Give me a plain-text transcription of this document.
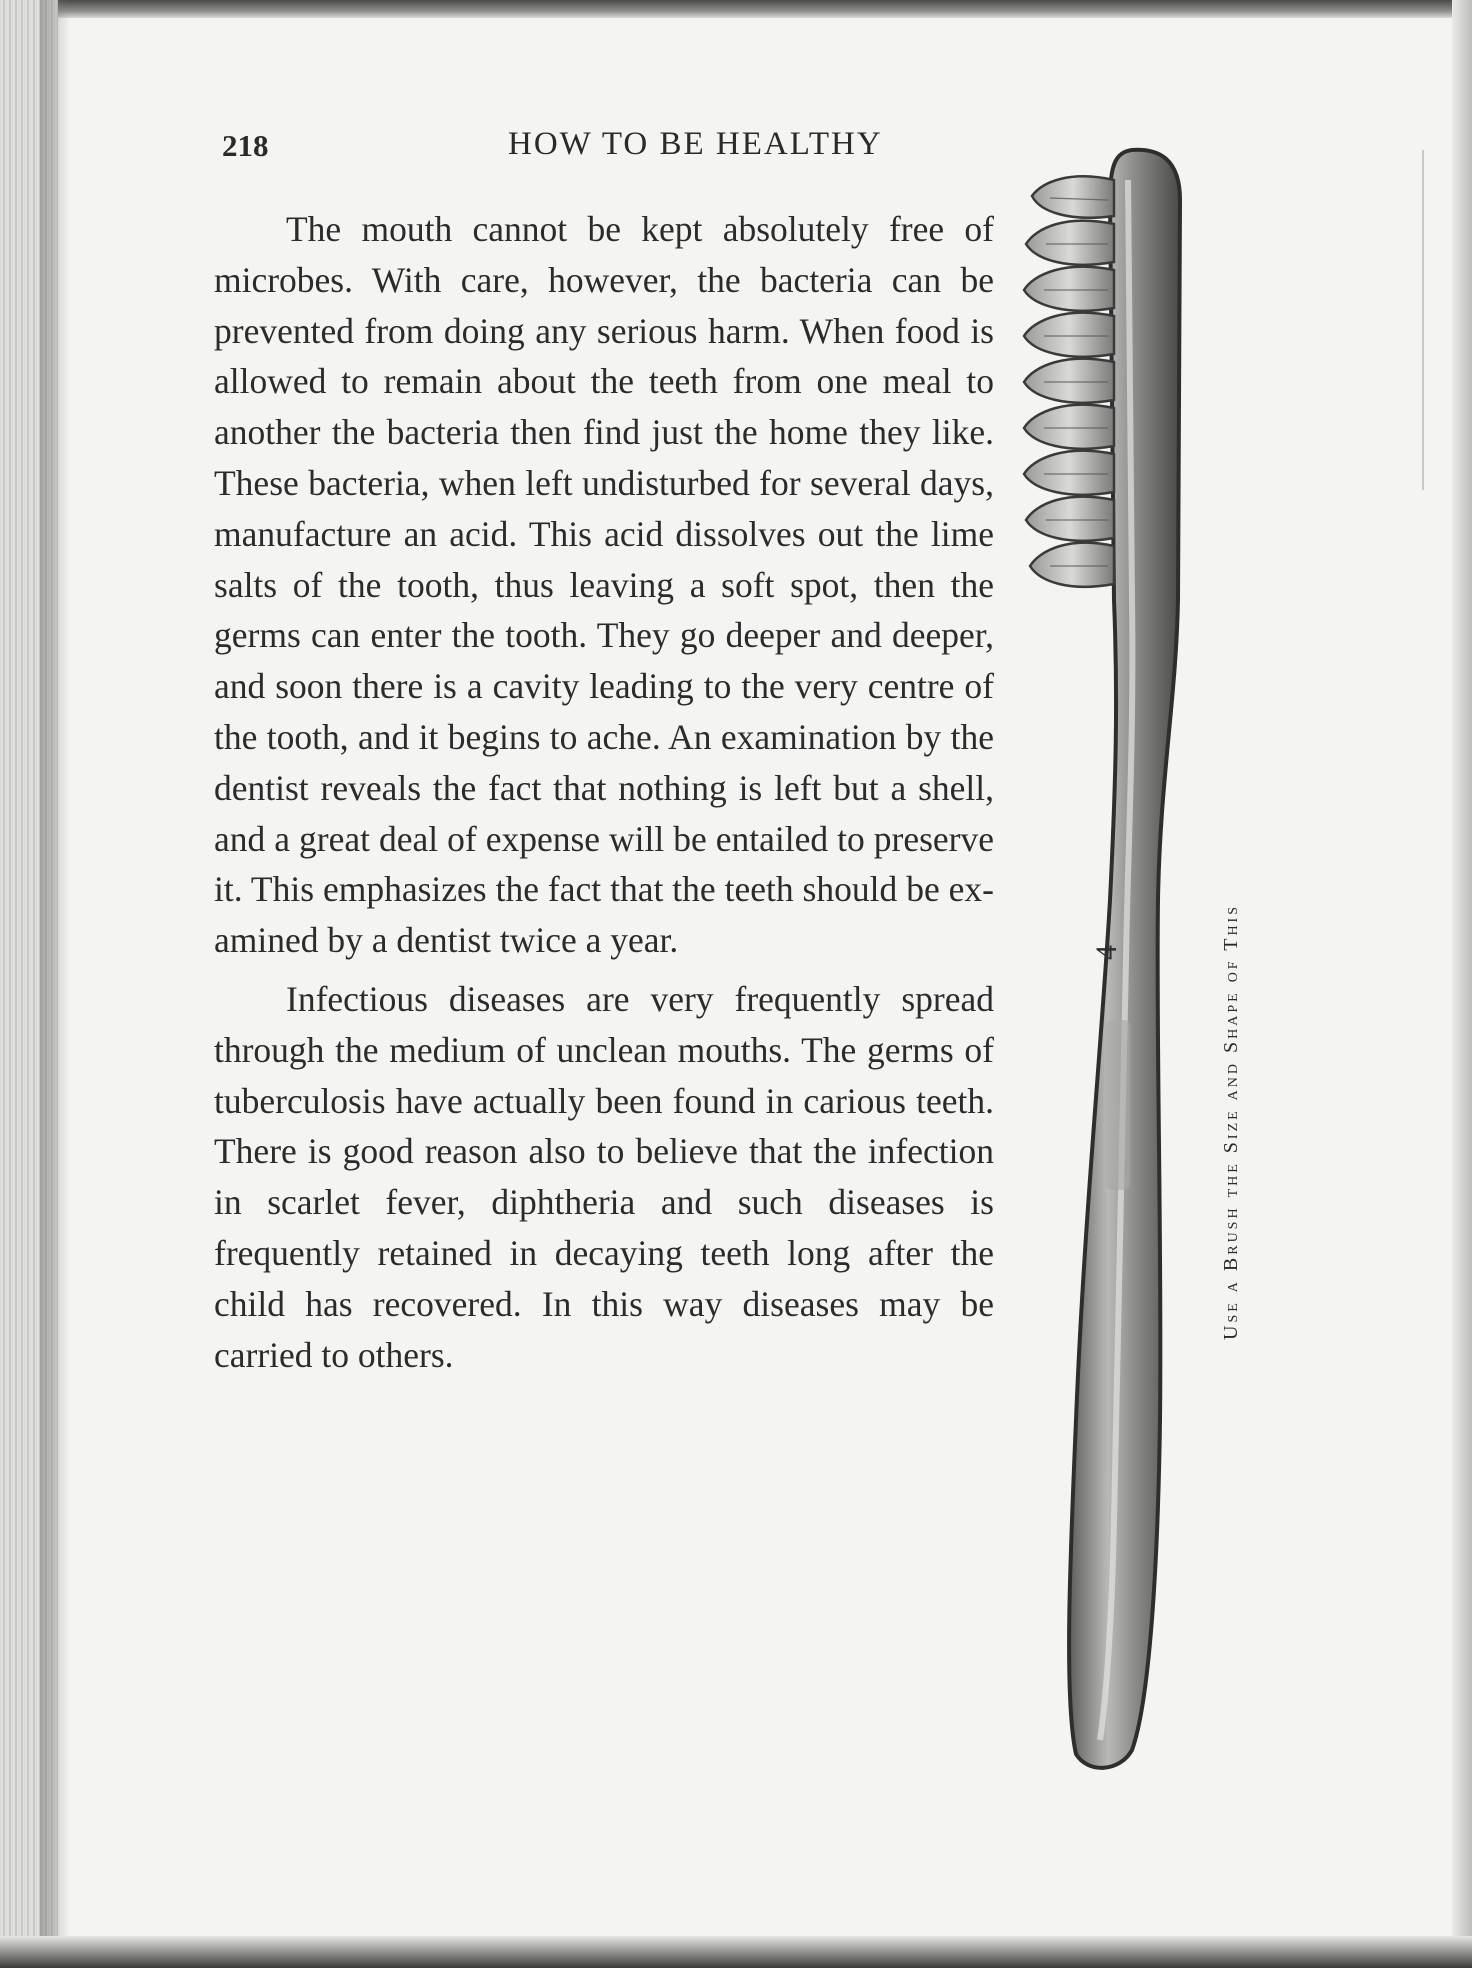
218	HOW TO BE HEALTHY

The mouth cannot be kept absolutely free of microbes. With care, however, the bacteria can be prevented from doing any serious harm. When food is allowed to remain about the teeth from one meal to another the bacteria then find just the home they like. These bacteria, when left undisturbed for several days, manufacture an acid. This acid dissolves out the lime salts of the tooth, thus leaving a soft spot, then the germs can enter the tooth. They go deeper and deeper, and soon there is a cavity leading to the very centre of the tooth, and it begins to ache. An examination by the dentist reveals the fact that nothing is left but a shell, and a great deal of expense will be entailed to preserve it. This emphasizes the fact that the teeth should be examined by a dentist twice a year.

Infectious diseases are very frequently spread through the medium of unclean mouths. The germs of tuberculosis have actually been found in carious teeth. There is good reason also to believe that the infection in scarlet fever, diphtheria and such diseases is frequently retained in decaying teeth long after the child has recovered. In this way diseases may be carried to others.

4	Use a Brush the Size and Shape of This
